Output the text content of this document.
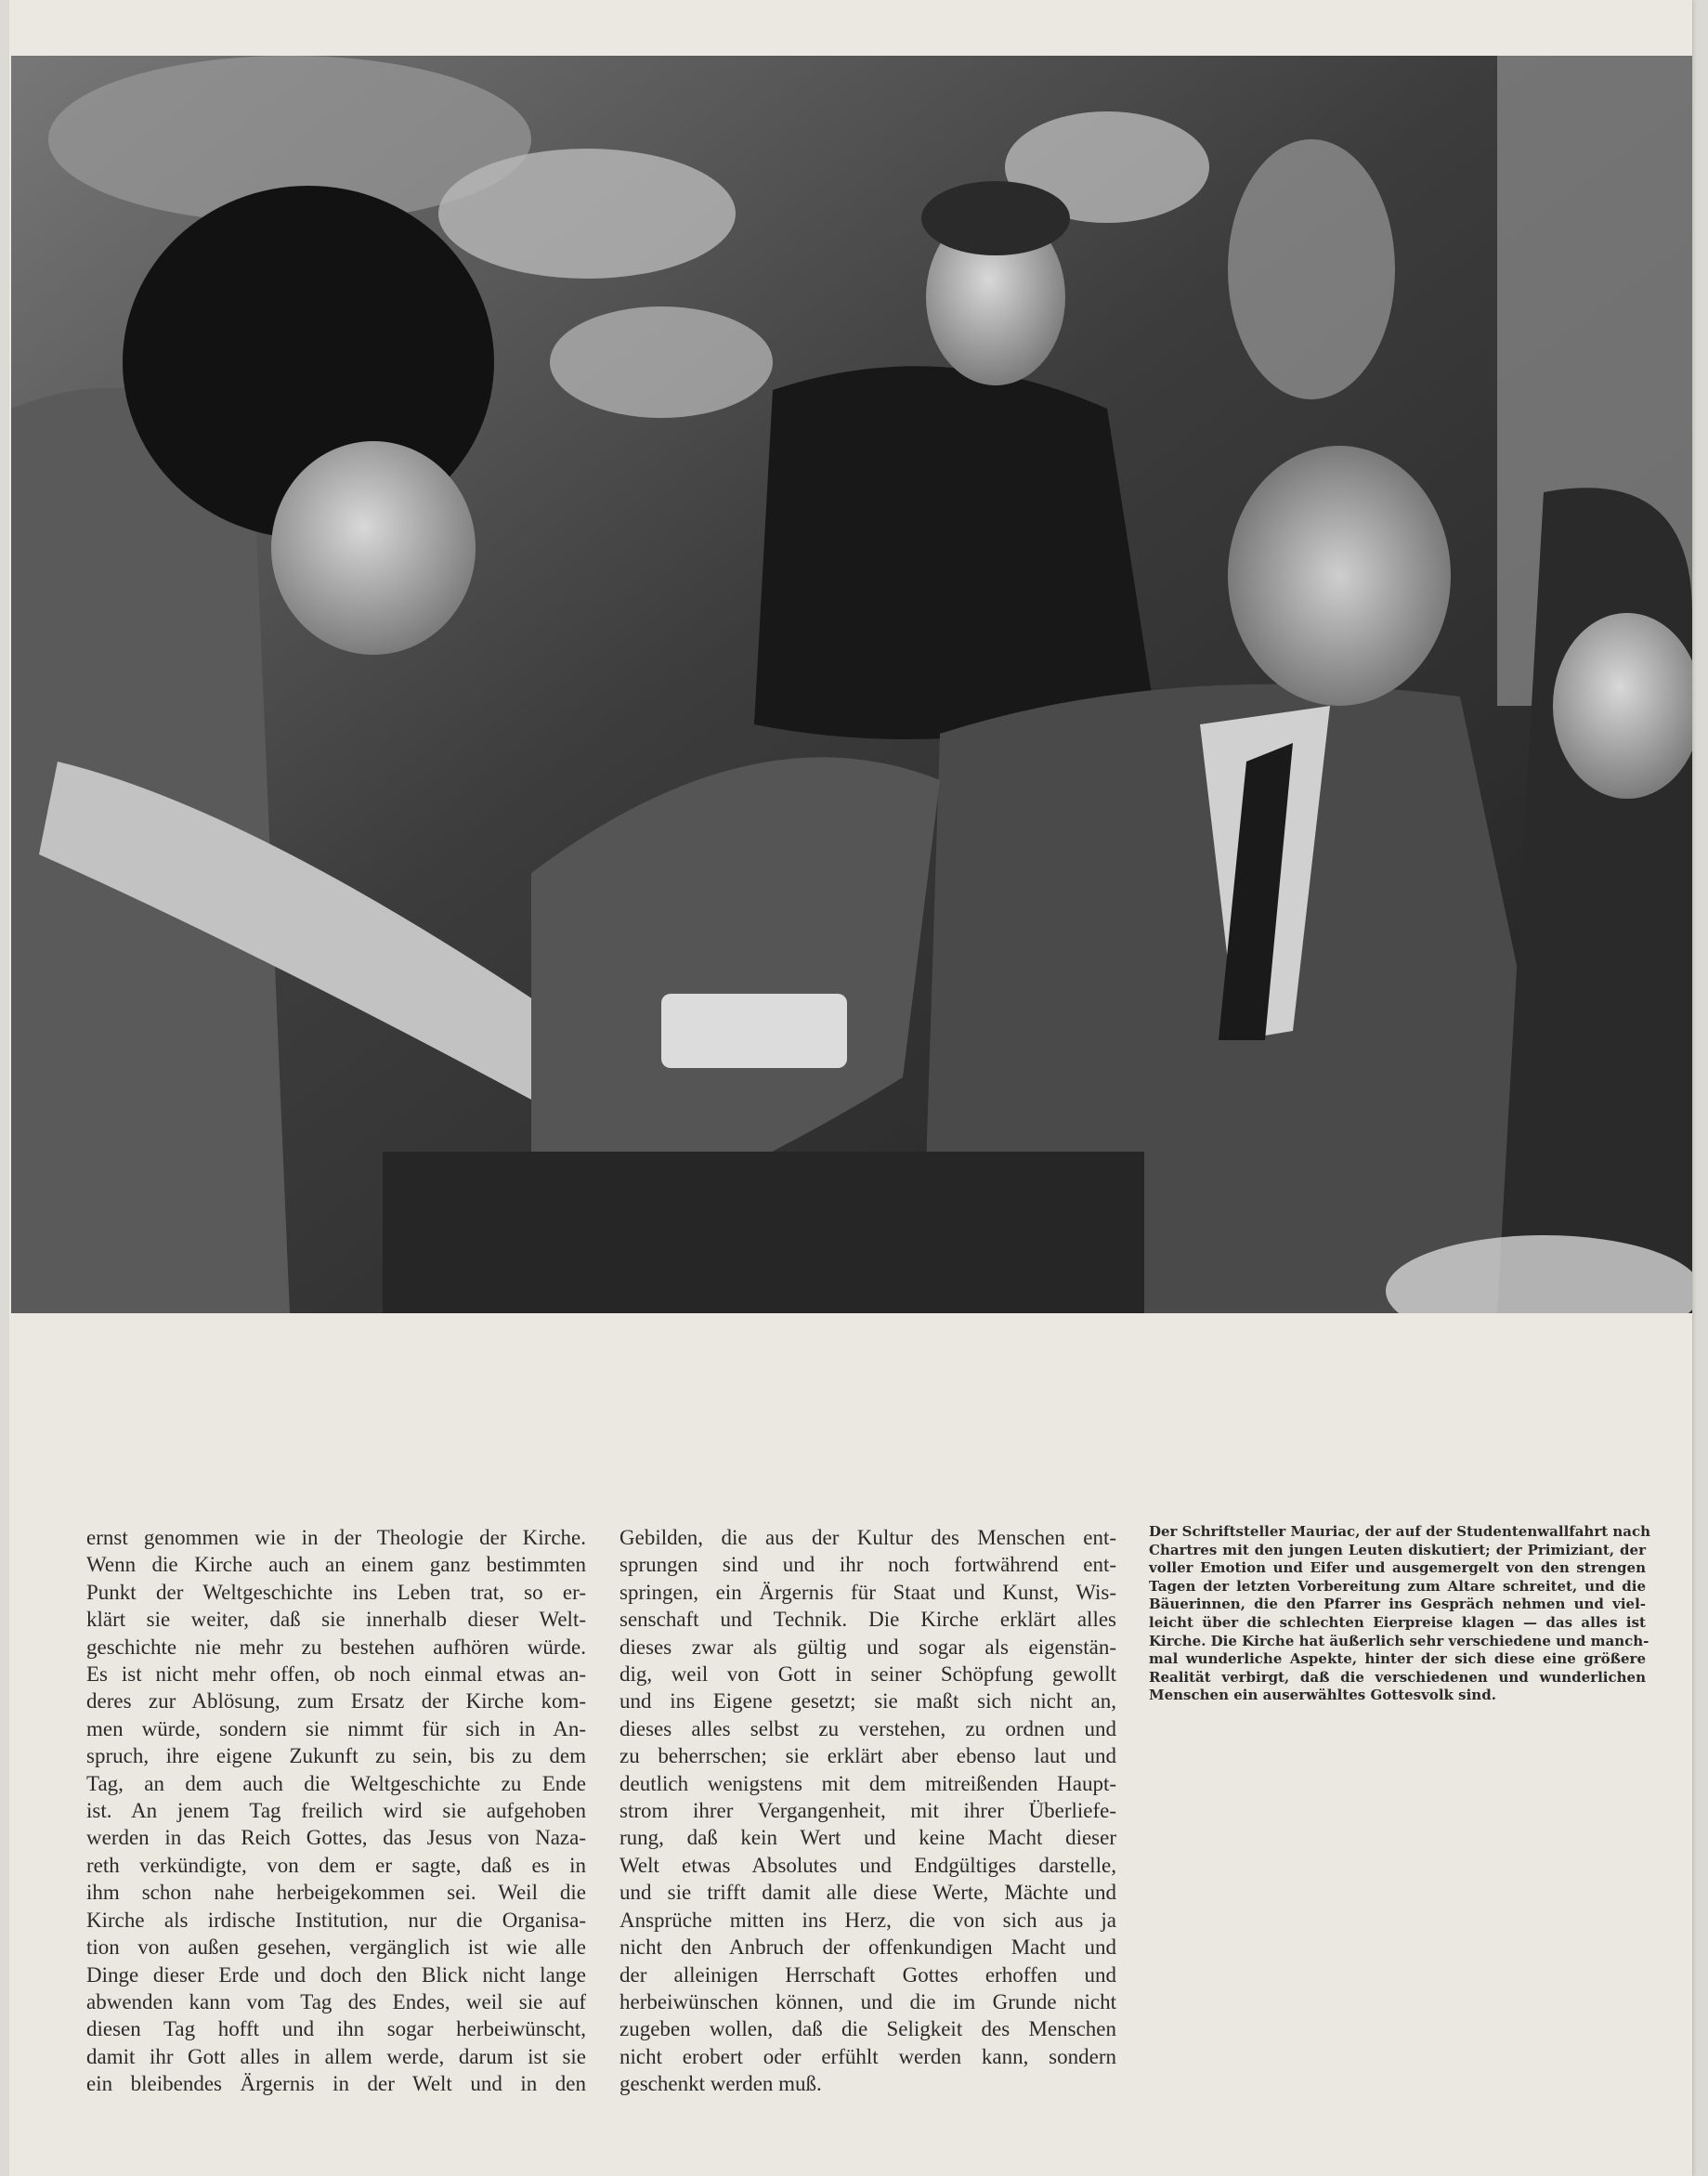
ernst genommen wie in der Theologie der Kirche.
Wenn die Kirche auch an einem ganz bestimmten
Punkt der Weltgeschichte ins Leben trat, so er-
klärt sie weiter, daß sie innerhalb dieser Welt-
geschichte nie mehr zu bestehen aufhören würde.
Es ist nicht mehr offen, ob noch einmal etwas an-
deres zur Ablösung, zum Ersatz der Kirche kom-
men würde, sondern sie nimmt für sich in An-
spruch, ihre eigene Zukunft zu sein, bis zu dem
Tag, an dem auch die Weltgeschichte zu Ende
ist. An jenem Tag freilich wird sie aufgehoben
werden in das Reich Gottes, das Jesus von Naza-
reth verkündigte, von dem er sagte, daß es in
ihm schon nahe herbeigekommen sei. Weil die
Kirche als irdische Institution, nur die Organisa-
tion von außen gesehen, vergänglich ist wie alle
Dinge dieser Erde und doch den Blick nicht lange
abwenden kann vom Tag des Endes, weil sie auf
diesen Tag hofft und ihn sogar herbeiwünscht,
damit ihr Gott alles in allem werde, darum ist sie
ein bleibendes Ärgernis in der Welt und in den
Gebilden, die aus der Kultur des Menschen ent-
sprungen sind und ihr noch fortwährend ent-
springen, ein Ärgernis für Staat und Kunst, Wis-
senschaft und Technik. Die Kirche erklärt alles
dieses zwar als gültig und sogar als eigenstän-
dig, weil von Gott in seiner Schöpfung gewollt
und ins Eigene gesetzt; sie maßt sich nicht an,
dieses alles selbst zu verstehen, zu ordnen und
zu beherrschen; sie erklärt aber ebenso laut und
deutlich wenigstens mit dem mitreißenden Haupt-
strom ihrer Vergangenheit, mit ihrer Überliefe-
rung, daß kein Wert und keine Macht dieser
Welt etwas Absolutes und Endgültiges darstelle,
und sie trifft damit alle diese Werte, Mächte und
Ansprüche mitten ins Herz, die von sich aus ja
nicht den Anbruch der offenkundigen Macht und
der alleinigen Herrschaft Gottes erhoffen und
herbeiwünschen können, und die im Grunde nicht
zugeben wollen, daß die Seligkeit des Menschen
nicht erobert oder erfühlt werden kann, sondern
geschenkt werden muß.
Der Schriftsteller Mauriac, der auf der Studentenwallfahrt nach
Chartres mit den jungen Leuten diskutiert; der Primiziant, der
voller Emotion und Eifer und ausgemergelt von den strengen
Tagen der letzten Vorbereitung zum Altare schreitet, und die
Bäuerinnen, die den Pfarrer ins Gespräch nehmen und viel-
leicht über die schlechten Eierpreise klagen — das alles ist
Kirche. Die Kirche hat äußerlich sehr verschiedene und manch-
mal wunderliche Aspekte, hinter der sich diese eine größere
Realität verbirgt, daß die verschiedenen und wunderlichen
Menschen ein auserwähltes Gottesvolk sind.
